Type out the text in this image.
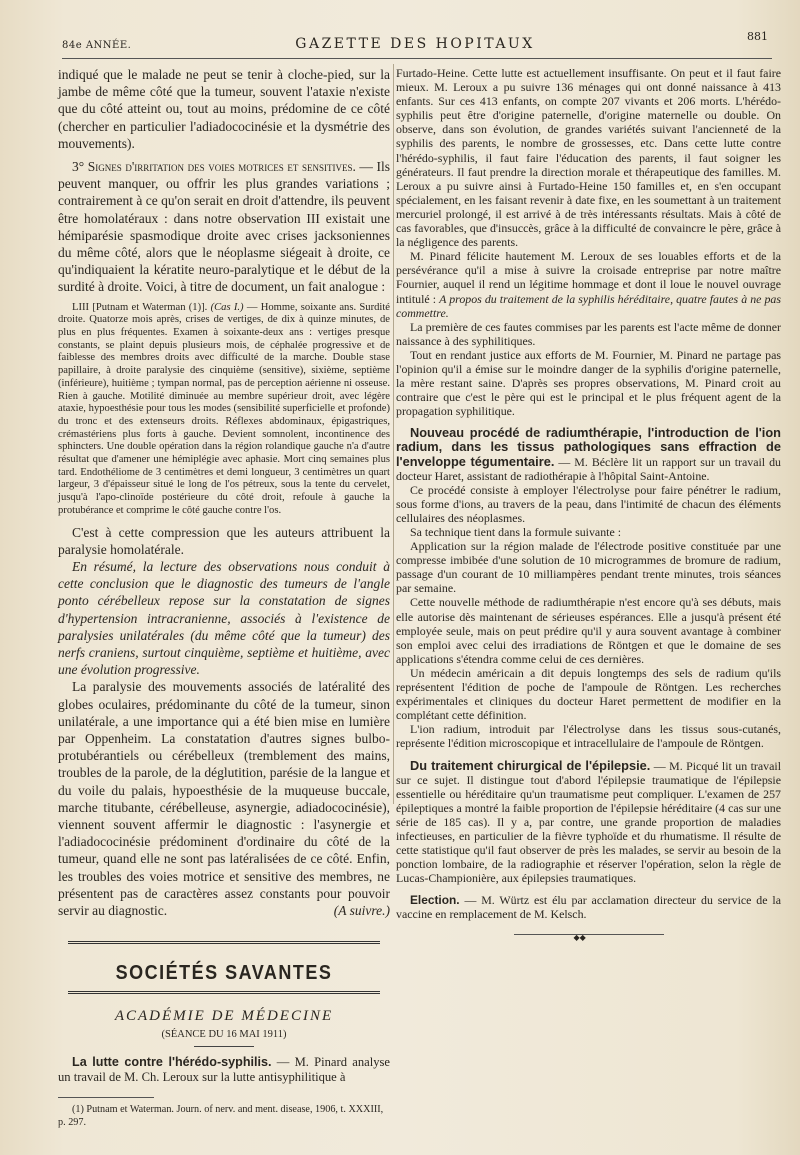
84e ANNÉE.	GAZETTE DES HOPITAUX	881

indiqué que le malade ne peut se tenir à cloche-pied, sur la jambe de même côté que la tumeur, souvent l'ataxie n'existe que du côté atteint ou, tout au moins, prédomine de ce côté (chercher en particulier l'adiadococinésie et la dysmétrie des mouvements).

3° Signes d'irritation des voies motrices et sensitives. — Ils peuvent manquer, ou offrir les plus grandes variations ; contrairement à ce qu'on serait en droit d'attendre, ils peuvent être homolatéraux : dans notre observation III existait une hémiparésie spasmodique droite avec crises jacksoniennes du même côté, alors que le néoplasme siégeait à droite, ce qu'indiquaient la kératite neuro-paralytique et le début de la surdité à droite. Voici, à titre de document, un fait analogue :

LIII [Putnam et Waterman (1)]. (Cas I.) — Homme, soixante ans. Surdité droite. Quatorze mois après, crises de vertiges, de dix à quinze minutes, de plus en plus fréquentes. Examen à soixante-deux ans : vertiges presque constants, se plaint depuis plusieurs mois, de céphalée progressive et de faiblesse des membres droits avec difficulté de la marche. Double stase papillaire, à droite paralysie des cinquième (sensitive), sixième, septième (inférieure), huitième ; tympan normal, pas de perception aérienne ni osseuse. Rien à gauche. Motilité diminuée au membre supérieur droit, avec légère ataxie, hypoesthésie pour tous les modes (sensibilité superficielle et profonde) du tronc et des extenseurs droits. Réflexes abdominaux, épigastriques, crémastériens plus forts à gauche. Devient somnolent, incontinence des sphincters. Une double opération dans la région rolandique gauche n'a d'autre résultat que d'amener une hémiplégie avec aphasie. Mort cinq semaines plus tard. Endothéliome de 3 centimètres et demi longueur, 3 centimètres un quart largeur, 3 d'épaisseur situé le long de l'os pétreux, sous la tente du cervelet, jusqu'à l'apo-clinoïde postérieure du côté droit, refoule à gauche la protubérance et comprime le côté gauche contre l'os.

C'est à cette compression que les auteurs attribuent la paralysie homolatérale.

En résumé, la lecture des observations nous conduit à cette conclusion que le diagnostic des tumeurs de l'angle ponto cérébelleux repose sur la constatation de signes d'hypertension intracranienne, associés à l'existence de paralysies unilatérales (du même côté que la tumeur) des nerfs craniens, surtout cinquième, septième et huitième, avec une évolution progressive.

La paralysie des mouvements associés de latéralité des globes oculaires, prédominante du côté de la tumeur, sinon unilatérale, a une importance qui a été bien mise en lumière par Oppenheim. La constatation d'autres signes bulbo-protubérantiels ou cérébelleux (tremblement des mains, troubles de la parole, de la déglutition, parésie de la langue et du voile du palais, hypoesthésie de la muqueuse buccale, marche titubante, cérébelleuse, asynergie, adiadococinésie), viennent souvent affermir le diagnostic : l'asynergie et l'adiadococinésie prédominent d'ordinaire du côté de la tumeur, quand elle ne sont pas latéralisées de ce côté. Enfin, les troubles des voies motrice et sensitive des membres, ne présentent pas de caractères assez constants pour pouvoir servir au diagnostic.	(A suivre.)

SOCIÉTÉS SAVANTES
ACADÉMIE DE MÉDECINE
(SÉANCE DU 16 MAI 1911)

La lutte contre l'hérédo-syphilis. — M. Pinard analyse un travail de M. Ch. Leroux sur la lutte antisyphilitique à

(1) Putnam et Waterman. Journ. of nerv. and ment. disease, 1906, t. XXXIII, p. 297.

Furtado-Heine. Cette lutte est actuellement insuffisante. On peut et il faut faire mieux. M. Leroux a pu suivre 136 ménages qui ont donné naissance à 413 enfants. Sur ces 413 enfants, on compte 207 vivants et 206 morts. L'hérédo-syphilis peut être d'origine paternelle, d'origine maternelle ou double. On observe, dans son évolution, de grandes variétés suivant l'ancienneté de la syphilis des parents, le nombre de grossesses, etc. Dans cette lutte contre l'hérédo-syphilis, il faut faire l'éducation des parents, il faut soigner les générateurs. Il faut prendre la direction morale et thérapeutique des familles. M. Leroux a pu suivre ainsi à Furtado-Heine 150 familles et, en s'en occupant spécialement, en les faisant revenir à date fixe, en les soumettant à un traitement mercuriel prolongé, il est arrivé à de très intéressants résultats. Mais à côté de cas favorables, que d'insuccès, grâce à la difficulté de convaincre le père, grâce à la négligence des parents.

M. Pinard félicite hautement M. Leroux de ses louables efforts et de la persévérance qu'il a mise à suivre la croisade entreprise par notre maître Fournier, auquel il rend un légitime hommage et dont il loue le nouvel ouvrage intitulé : A propos du traitement de la syphilis héréditaire, quatre fautes à ne pas commettre.

La première de ces fautes commises par les parents est l'acte même de donner naissance à des syphilitiques.

Tout en rendant justice aux efforts de M. Fournier, M. Pinard ne partage pas l'opinion qu'il a émise sur le moindre danger de la syphilis d'origine paternelle, la mère restant saine. D'après ses propres observations, M. Pinard croit au contraire que c'est le père qui est le principal et le plus fréquent agent de la propagation syphilitique.

Nouveau procédé de radiumthérapie, l'introduction de l'ion radium, dans les tissus pathologiques sans effraction de l'enveloppe tégumentaire. — M. Béclère lit un rapport sur un travail du docteur Haret, assistant de radiothérapie à l'hôpital Saint-Antoine.

Ce procédé consiste à employer l'électrolyse pour faire pénétrer le radium, sous forme d'ions, au travers de la peau, dans l'intimité de chacun des éléments cellulaires des néoplasmes.

Sa technique tient dans la formule suivante :

Application sur la région malade de l'électrode positive constituée par une compresse imbibée d'une solution de 10 microgrammes de bromure de radium, passage d'un courant de 10 milliampères pendant trente minutes, trois séances par semaine.

Cette nouvelle méthode de radiumthérapie n'est encore qu'à ses débuts, mais elle autorise dès maintenant de sérieuses espérances. Elle a jusqu'à présent été employée seule, mais on peut prédire qu'il y aura souvent avantage à combiner son emploi avec celui des irradiations de Röntgen et que le domaine de ses applications s'étendra comme celui de ces dernières.

Un médecin américain a dit depuis longtemps des sels de radium qu'ils représentent l'édition de poche de l'ampoule de Röntgen. Les recherches expérimentales et cliniques du docteur Haret permettent de modifier en la complétant cette définition.

L'ion radium, introduit par l'électrolyse dans les tissus sous-cutanés, représente l'édition microscopique et intracellulaire de l'ampoule de Röntgen.

Du traitement chirurgical de l'épilepsie. — M. Picqué lit un travail sur ce sujet. Il distingue tout d'abord l'épilepsie traumatique de l'épilepsie essentielle ou héréditaire qu'un traumatisme peut compliquer. L'examen de 257 épileptiques a montré la faible proportion de l'épilepsie héréditaire (4 cas sur une série de 185 cas). Il y a, par contre, une grande proportion de maladies infectieuses, en particulier de la fièvre typhoïde et du rhumatisme. Il résulte de cette statistique qu'il faut observer de près les malades, se servir au besoin de la ponction lombaire, de la radiographie et réserver l'opération, selon la règle de Lucas-Championière, aux épilepsies traumatiques.

Election. — M. Würtz est élu par acclamation directeur du service de la vaccine en remplacement de M. Kelsch.

◆◆
